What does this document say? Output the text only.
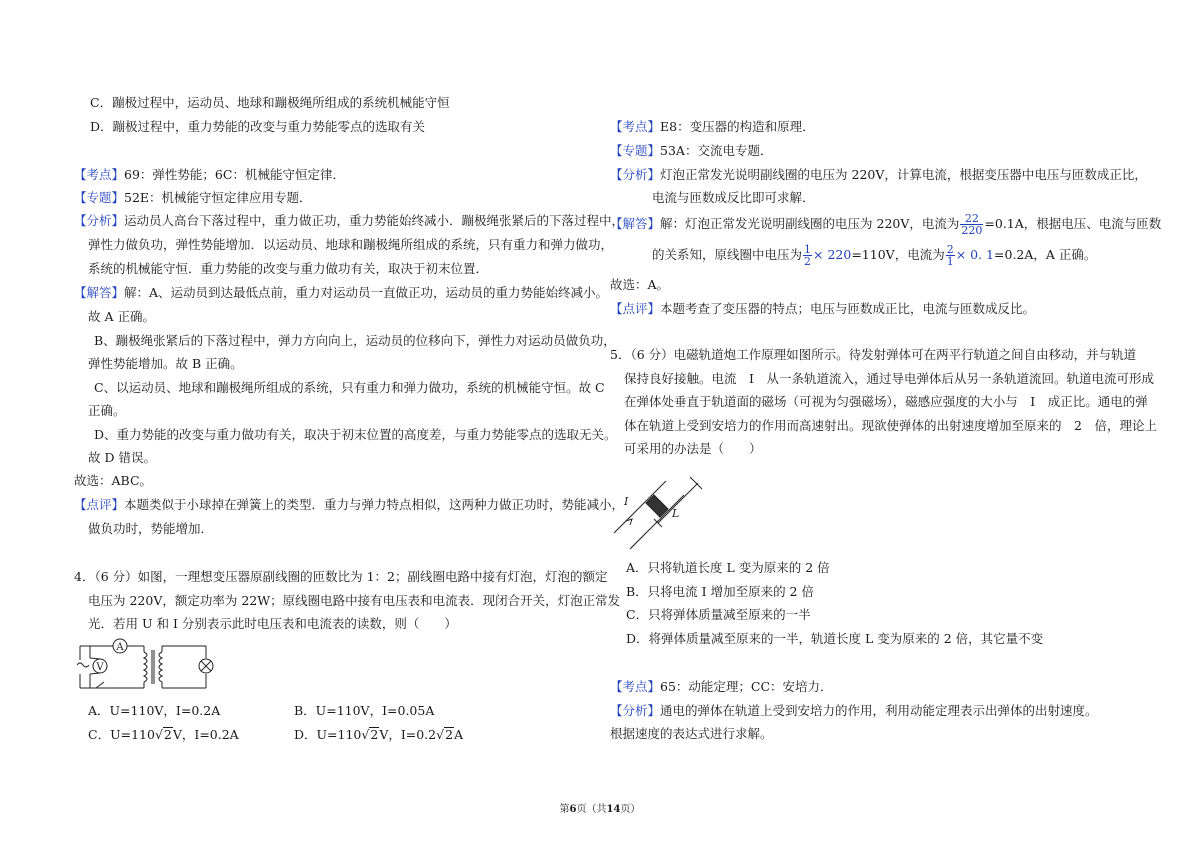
C．蹦极过程中，运动员、地球和蹦极绳所组成的系统机械能守恒
D．蹦极过程中，重力势能的改变与重力势能零点的选取有关
【考点】69：弹性势能；6C：机械能守恒定律．
【专题】52E：机械能守恒定律应用专题．
【分析】运动员人高台下落过程中，重力做正功，重力势能始终减小．蹦极绳张紧后的下落过程中，
弹性力做负功，弹性势能增加．以运动员、地球和蹦极绳所组成的系统，只有重力和弹力做功，
系统的机械能守恒．重力势能的改变与重力做功有关，取决于初末位置．
【解答】解：A、运动员到达最低点前，重力对运动员一直做正功，运动员的重力势能始终减小。
故 A 正确。
B、蹦极绳张紧后的下落过程中，弹力方向向上，运动员的位移向下，弹性力对运动员做负功，
弹性势能增加。故 B 正确。
C、以运动员、地球和蹦极绳所组成的系统，只有重力和弹力做功，系统的机械能守恒。故 C
正确。
D、重力势能的改变与重力做功有关，取决于初末位置的高度差，与重力势能零点的选取无关。
故 D 错误。
故选：ABC。
【点评】本题类似于小球掉在弹簧上的类型．重力与弹力特点相似，这两种力做正功时，势能减小，
做负功时，势能增加．
4．（6 分）如图，一理想变压器原副线圈的匝数比为 1：2；副线圈电路中接有灯泡，灯泡的额定
电压为 220V，额定功率为 22W；原线圈电路中接有电压表和电流表．现闭合开关，灯泡正常发
光．若用 U 和 I 分别表示此时电压表和电流表的读数，则（　　）
V
A
A．U=110V，I=0.2A	B．U=110V，I=0.05A
C．U=110√2V，I=0.2A	D．U=110√2V，I=0.2√2A
【考点】E8：变压器的构造和原理．
【专题】53A：交流电专题．
【分析】灯泡正常发光说明副线圈的电压为 220V，计算电流，根据变压器中电压与匝数成正比，
电流与匝数成反比即可求解．
【解答】解：灯泡正常发光说明副线圈的电压为 220V，电流为 $\frac{22}{220} =0.1A$，根据电压、电流与匝数
的关系知，原线圈中电压为 $\frac{1}{2} \times 220=110V$，电流为 $\frac{2}{1} \times 0$. 1=0.2A，A 正确。
故选：A。
【点评】本题考查了变压器的特点；电压与匝数成正比，电流与匝数成反比。
5．（6 分）电磁轨道炮工作原理如图所示。待发射弹体可在两平行轨道之间自由移动，并与轨道
保持良好接触。电流　I　从一条轨道流入，通过导电弹体后从另一条轨道流回。轨道电流可形成
在弹体处垂直于轨道面的磁场（可视为匀强磁场），磁感应强度的大小与　I　成正比。通电的弹
体在轨道上受到安培力的作用而高速射出。现欲使弹体的出射速度增加至原来的　2　倍，理论上
可采用的办法是（　　）
I
L
A．只将轨道长度 L 变为原来的 2 倍
B．只将电流 I 增加至原来的 2 倍
C．只将弹体质量减至原来的一半
D．将弹体质量减至原来的一半，轨道长度 L 变为原来的 2 倍，其它量不变
【考点】65：动能定理；CC：安培力．
【分析】通电的弹体在轨道上受到安培力的作用，利用动能定理表示出弹体的出射速度。
根据速度的表达式进行求解。
第6页（共14页）
